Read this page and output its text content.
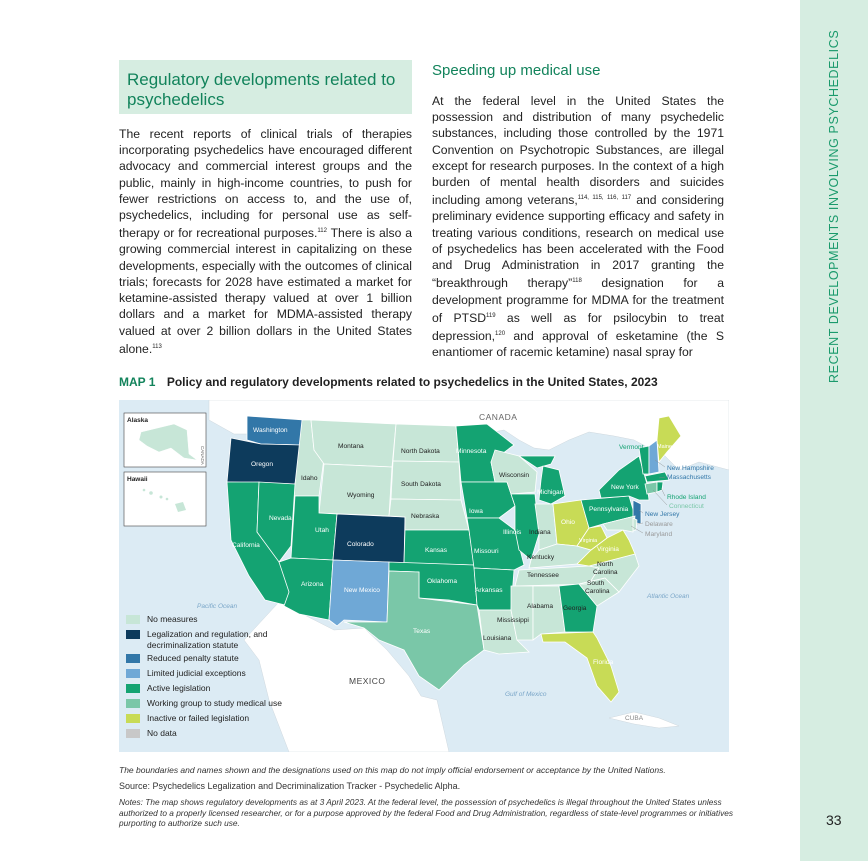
RECENT DEVELOPMENTS INVOLVING PSYCHEDELICS
33
Regulatory developments related to psychedelics
The recent reports of clinical trials of therapies incorporating psychedelics have encouraged different advocacy and commercial interest groups and the public, mainly in high-income countries, to push for fewer restrictions on access to, and the use of, psychedelics, including for personal use as self-therapy or for recreational purposes.$^{112}$ There is also a growing commercial interest in capitalizing on these developments, especially with the outcomes of clinical trials; forecasts for 2028 have estimated a market for ketamine-assisted therapy valued at over 1 billion dollars and a market for MDMA-assisted therapy valued at over 2 billion dollars in the United States alone.$^{113}$
Speeding up medical use
At the federal level in the United States the possession and distribution of many psychedelic substances, including those controlled by the 1971 Convention on Psychotropic Substances, are illegal except for research purposes. In the context of a high burden of mental health disorders and suicides including among veterans,$^{114, 115, 116, 117}$ and considering preliminary evidence supporting efficacy and safety in treating various conditions, research on medical use of psychedelics has been accelerated with the Food and Drug Administration in 2017 granting the “breakthrough therapy”$^{118}$ designation for a development programme for MDMA for the treatment of PTSD$^{119}$ as well as for psilocybin to treat depression,$^{120}$ and approval of esketamine (the S enantiomer of racemic ketamine) nasal spray for
MAP 1 Policy and regulatory developments related to psychedelics in the United States, 2023
Alaska
CANADA
Hawaii
CANADA
MEXICO
Pacific Ocean
Atlantic Ocean
Gulf of Mexico
CUBA
Washington
Oregon
California
Idaho
Nevada
Montana
Wyoming
Utah
Arizona
Colorado
New Mexico
North Dakota
South Dakota
Nebraska
Kansas
Oklahoma
Texas
Minnesota
Iowa
Missouri
Arkansas
Louisiana
Wisconsin
Illinois
Michigan
Indiana
Ohio
Kentucky
Tennessee
Mississippi
Alabama Georgia
Florida
South
Carolina
North
Carolina
Virginia
Virginia
Pennsylvania
New York
Vermont Maine
New Hampshire
Massachusetts
Rhode Island
Connecticut
New Jersey
Delaware
Maryland
No measures
Legalization and regulation, and decriminalization statute
Reduced penalty statute
Limited judicial exceptions
Active legislation
Working group to study medical use
Inactive or failed legislation
No data
The boundaries and names shown and the designations used on this map do not imply official endorsement or acceptance by the United Nations.
Source: Psychedelics Legalization and Decriminalization Tracker - Psychedelic Alpha.
Notes: The map shows regulatory developments as at 3 April 2023. At the federal level, the possession of psychedelics is illegal throughout the United States unless authorized to a properly licensed researcher, or for a purpose approved by the federal Food and Drug Administration, regardless of state-level programmes or initiatives purporting to authorize such use.
